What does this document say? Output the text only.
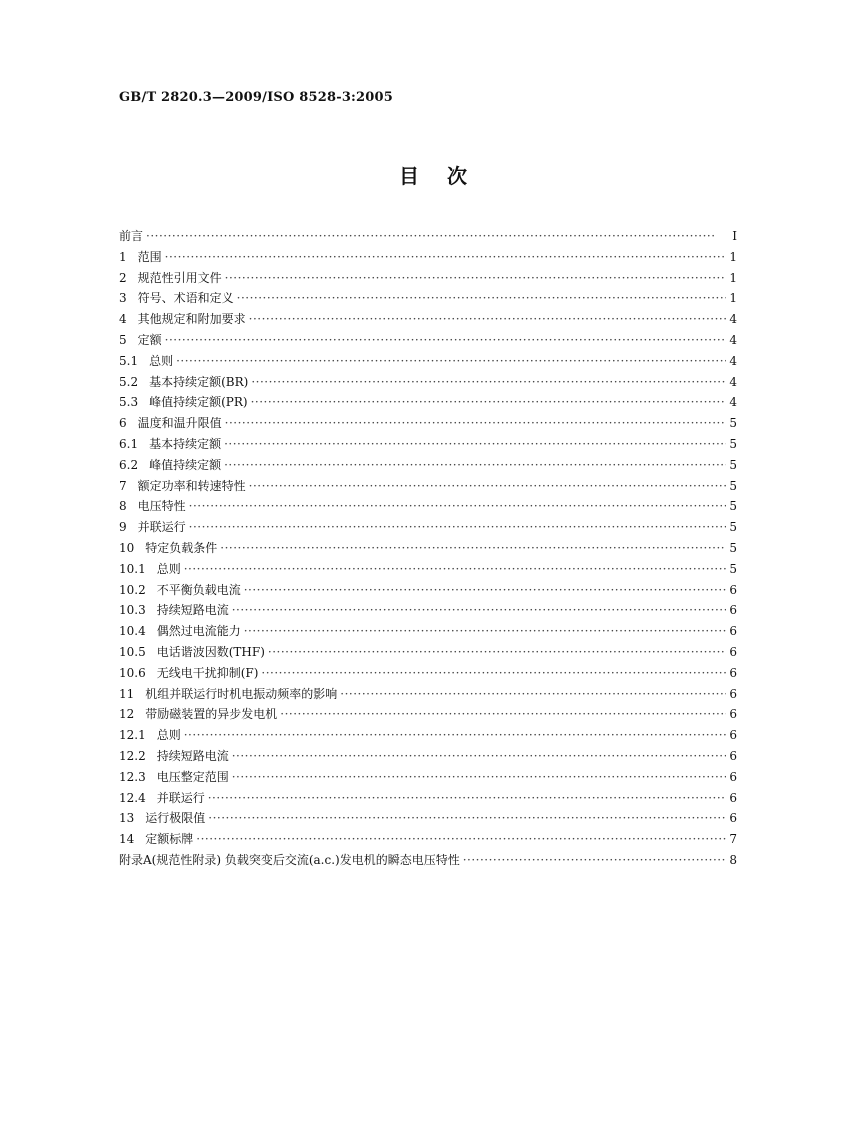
GB/T 2820.3—2009/ISO 8528-3:2005
目次
前言 ·····	I
1 范围 ·····	1
2 规范性引用文件 ·····	1
3 符号、术语和定义 ·····	1
4 其他规定和附加要求 ·····	4
5 定额 ·····	4
5.1 总则 ·····	4
5.2 基本持续定额(BR) ·····	4
5.3 峰值持续定额(PR) ·····	4
6 温度和温升限值 ·····	5
6.1 基本持续定额 ·····	5
6.2 峰值持续定额 ·····	5
7 额定功率和转速特性 ·····	5
8 电压特性 ·····	5
9 并联运行 ·····	5
10 特定负载条件 ·····	5
10.1 总则 ·····	5
10.2 不平衡负载电流 ·····	6
10.3 持续短路电流 ·····	6
10.4 偶然过电流能力 ·····	6
10.5 电话谐波因数(THF) ·····	6
10.6 无线电干扰抑制(F) ·····	6
11 机组并联运行时机电振动频率的影响 ·····	6
12 带励磁装置的异步发电机 ·····	6
12.1 总则 ·····	6
12.2 持续短路电流 ·····	6
12.3 电压整定范围 ·····	6
12.4 并联运行 ·····	6
13 运行极限值 ·····	6
14 定额标牌 ·····	7
附录A(规范性附录) 负载突变后交流(a.c.)发电机的瞬态电压特性 ·····	8
